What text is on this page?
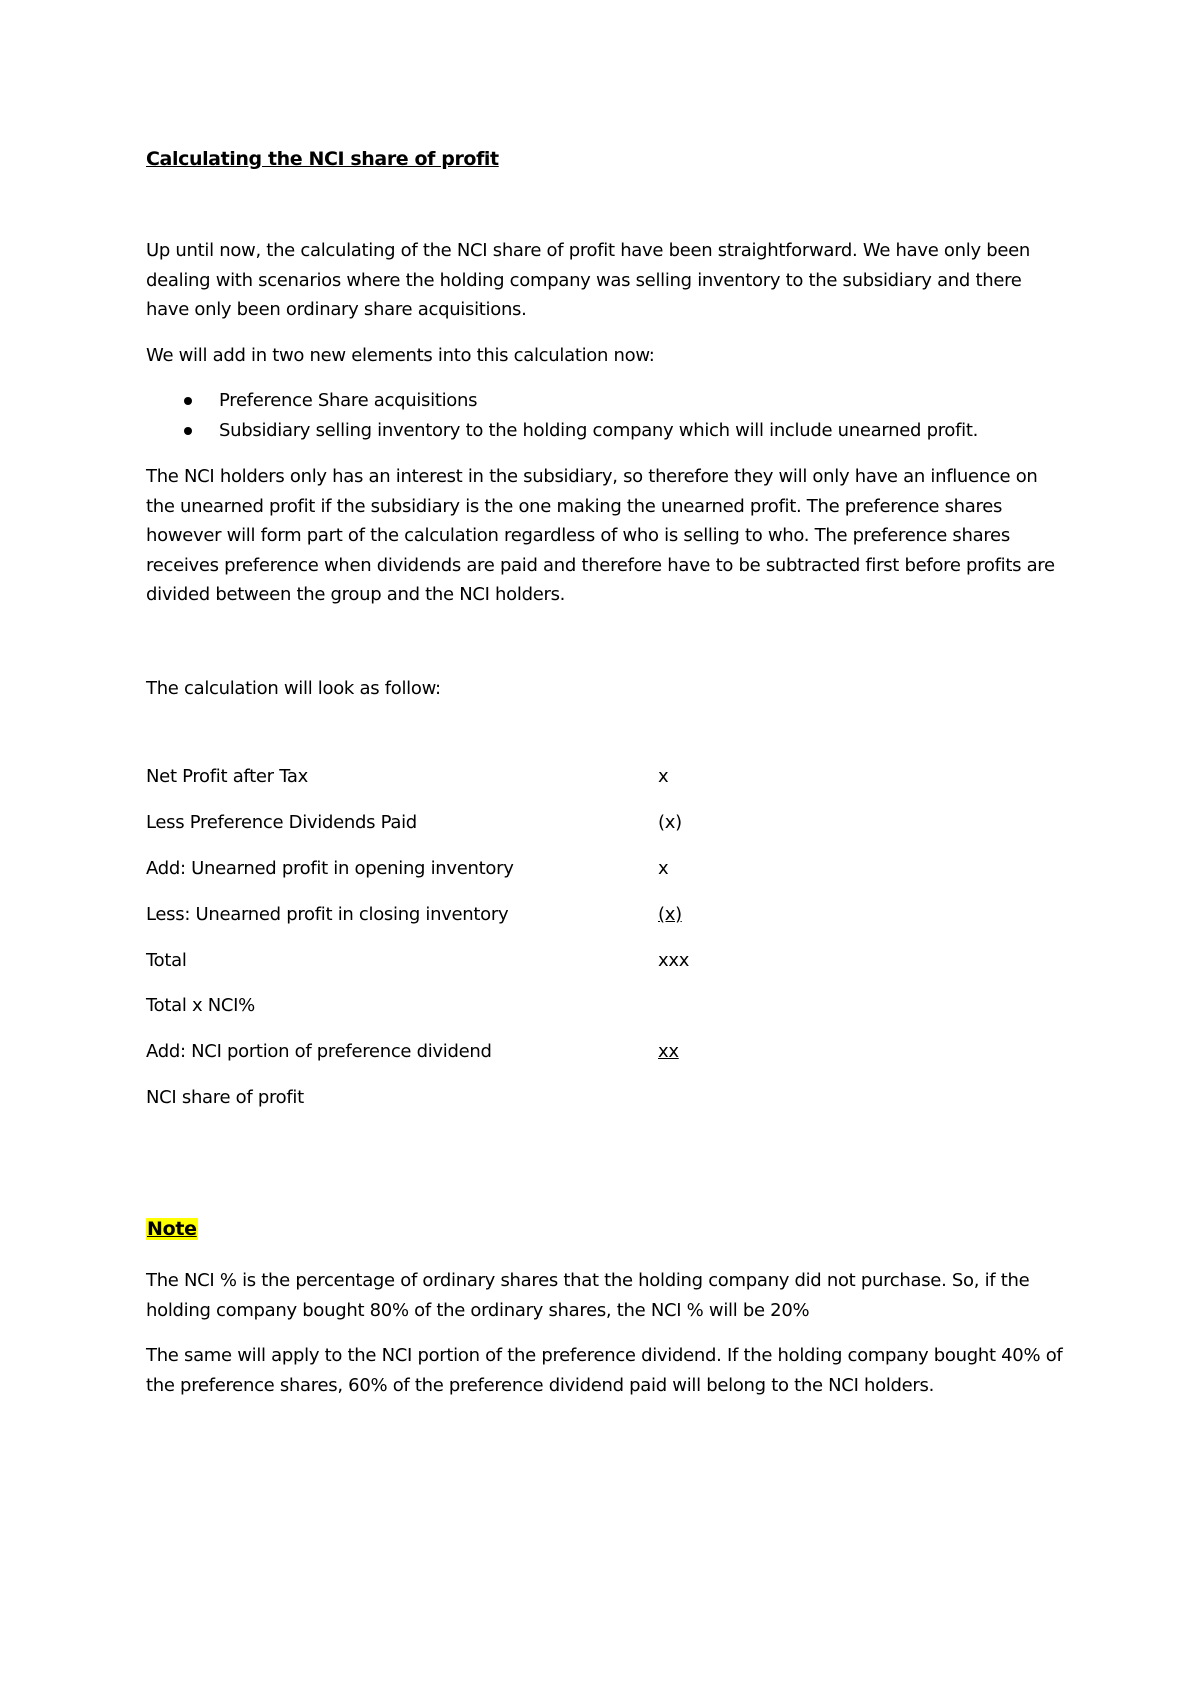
Calculating the NCI share of profit

Up until now, the calculating of the NCI share of profit have been straightforward. We have only been dealing with scenarios where the holding company was selling inventory to the subsidiary and there have only been ordinary share acquisitions.

We will add in two new elements into this calculation now:

Preference Share acquisitions
Subsidiary selling inventory to the holding company which will include unearned profit.

The NCI holders only has an interest in the subsidiary, so therefore they will only have an influence on the unearned profit if the subsidiary is the one making the unearned profit. The preference shares however will form part of the calculation regardless of who is selling to who. The preference shares receives preference when dividends are paid and therefore have to be subtracted first before profits are divided between the group and the NCI holders.

The calculation will look as follow:

Net Profit after Tax	x
Less Preference Dividends Paid	(x)
Add: Unearned profit in opening inventory	x
Less: Unearned profit in closing inventory	(x)
Total	xxx
Total x NCI%
Add: NCI portion of preference dividend	xx
NCI share of profit
Note

The NCI % is the percentage of ordinary shares that the holding company did not purchase. So, if the holding company bought 80% of the ordinary shares, the NCI % will be 20%

The same will apply to the NCI portion of the preference dividend. If the holding company bought 40% of the preference shares, 60% of the preference dividend paid will belong to the NCI holders.
